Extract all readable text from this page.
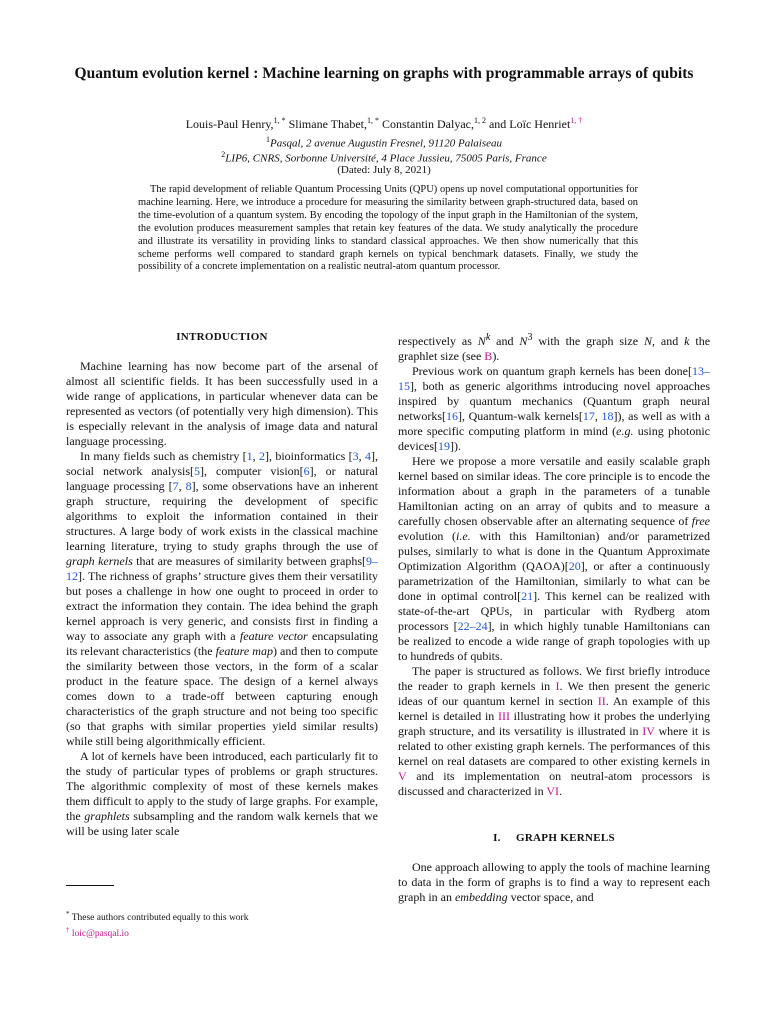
Quantum evolution kernel : Machine learning on graphs with programmable arrays of qubits
Louis-Paul Henry,$^{1, *}$ Slimane Thabet,$^{1, *}$ Constantin Dalyac,$^{1, 2}$ and Loïc Henriet$^{1, \dagger}$
$^1$Pasqal, 2 avenue Augustin Fresnel, 91120 Palaiseau
$^2$LIP6, CNRS, Sorbonne Université, 4 Place Jussieu, 75005 Paris, France
(Dated: July 8, 2021)
The rapid development of reliable Quantum Processing Units (QPU) opens up novel computational opportunities for machine learning. Here, we introduce a procedure for measuring the similarity between graph-structured data, based on the time-evolution of a quantum system. By encoding the topology of the input graph in the Hamiltonian of the system, the evolution produces measurement samples that retain key features of the data. We study analytically the procedure and illustrate its versatility in providing links to standard classical approaches. We then show numerically that this scheme performs well compared to standard graph kernels on typical benchmark datasets. Finally, we study the possibility of a concrete implementation on a realistic neutral-atom quantum processor.
INTRODUCTION

Machine learning has now become part of the arsenal of almost all scientific fields. It has been successfully used in a wide range of applications, in particular whenever data can be represented as vectors (of potentially very high dimension). This is especially relevant in the analysis of image data and natural language processing.

In many fields such as chemistry [1, 2], bioinformatics [3, 4], social network analysis[5], computer vision[6], or natural language processing [7, 8], some observations have an inherent graph structure, requiring the development of specific algorithms to exploit the information contained in their structures. A large body of work exists in the classical machine learning literature, trying to study graphs through the use of graph kernels that are measures of similarity between graphs[9–12]. The richness of graphs’ structure gives them their versatility but poses a challenge in how one ought to proceed in order to extract the information they contain. The idea behind the graph kernel approach is very generic, and consists first in finding a way to associate any graph with a feature vector encapsulating its relevant characteristics (the feature map) and then to compute the similarity between those vectors, in the form of a scalar product in the feature space. The design of a kernel always comes down to a trade-off between capturing enough characteristics of the graph structure and not being too specific (so that graphs with similar properties yield similar results) while still being algorithmically efficient.

A lot of kernels have been introduced, each particularly fit to the study of particular types of problems or graph structures. The algorithmic complexity of most of these kernels makes them difficult to apply to the study of large graphs. For example, the graphlets subsampling and the random walk kernels that we will be using later scale

respectively as $N^k$ and $N^3$ with the graph size N, and k the graphlet size (see B).

Previous work on quantum graph kernels has been done[13–15], both as generic algorithms introducing novel approaches inspired by quantum mechanics (Quantum graph neural networks[16], Quantum-walk kernels[17, 18]), as well as with a more specific computing platform in mind (e.g. using photonic devices[19]).

Here we propose a more versatile and easily scalable graph kernel based on similar ideas. The core principle is to encode the information about a graph in the parameters of a tunable Hamiltonian acting on an array of qubits and to measure a carefully chosen observable after an alternating sequence of free evolution (i.e. with this Hamiltonian) and/or parametrized pulses, similarly to what is done in the Quantum Approximate Optimization Algorithm (QAOA)[20], or after a continuously parametrization of the Hamiltonian, similarly to what can be done in optimal control[21]. This kernel can be realized with state-of-the-art QPUs, in particular with Rydberg atom processors [22–24], in which highly tunable Hamiltonians can be realized to encode a wide range of graph topologies with up to hundreds of qubits.

The paper is structured as follows. We first briefly introduce the reader to graph kernels in I. We then present the generic ideas of our quantum kernel in section II. An example of this kernel is detailed in III illustrating how it probes the underlying graph structure, and its versatility is illustrated in IV where it is related to other existing graph kernels. The performances of this kernel on real datasets are compared to other existing kernels in V and its implementation on neutral-atom processors is discussed and characterized in VI.

I.     GRAPH KERNELS

One approach allowing to apply the tools of machine learning to data in the form of graphs is to find a way to represent each graph in an embedding vector space, and

* These authors contributed equally to this work
† loic@pasqal.io
